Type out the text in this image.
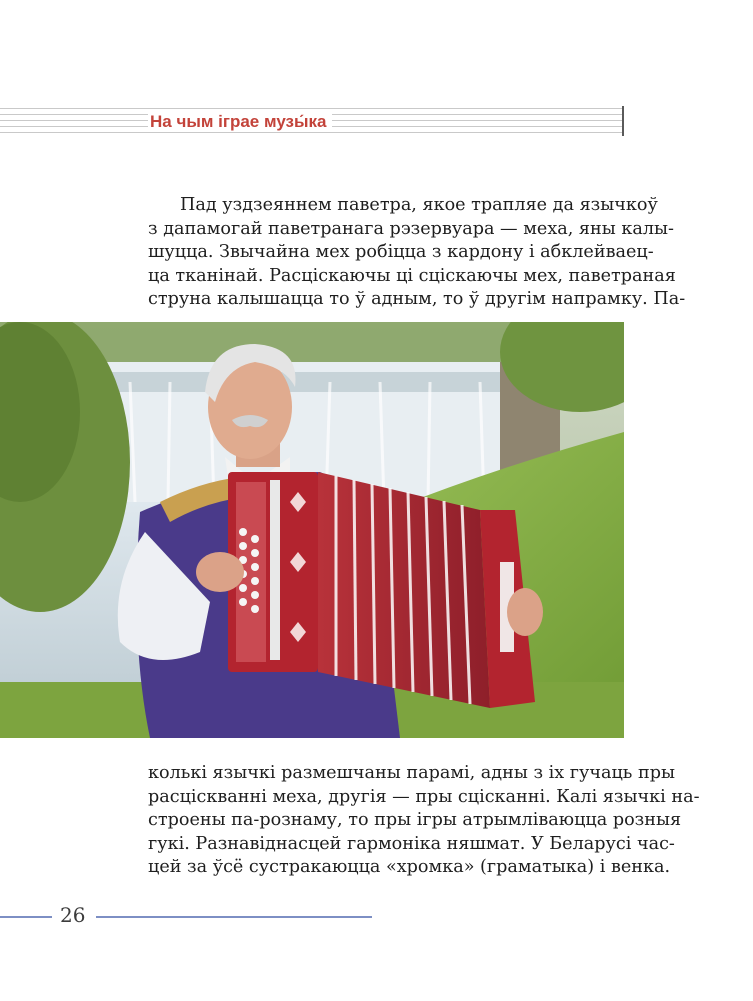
На чым іграе музы́ка
Пад уздзеяннем паветра, якое трапляе да язычкоў
з дапамогай паветранага рэзервуара — меха, яны калы-
шуцца. Звычайна мех робіцца з кардону і абклейваец-
ца тканінай. Расціскаючы ці сціскаючы мех, паветраная
струна калышацца то ў адным, то ў другім напрамку. Па-
колькі язычкі размешчаны парамі, адны з іх гучаць пры
расціскванні меха, другія — пры сцісканні. Калі язычкі на-
строены па-рознаму, то пры ігры атрымліваюцца розныя
гукі. Разнавіднасцей гармоніка няшмат. У Беларусі час-
цей за ўсё сустракаюцца «хромка» (граматыка) і венка.
26
